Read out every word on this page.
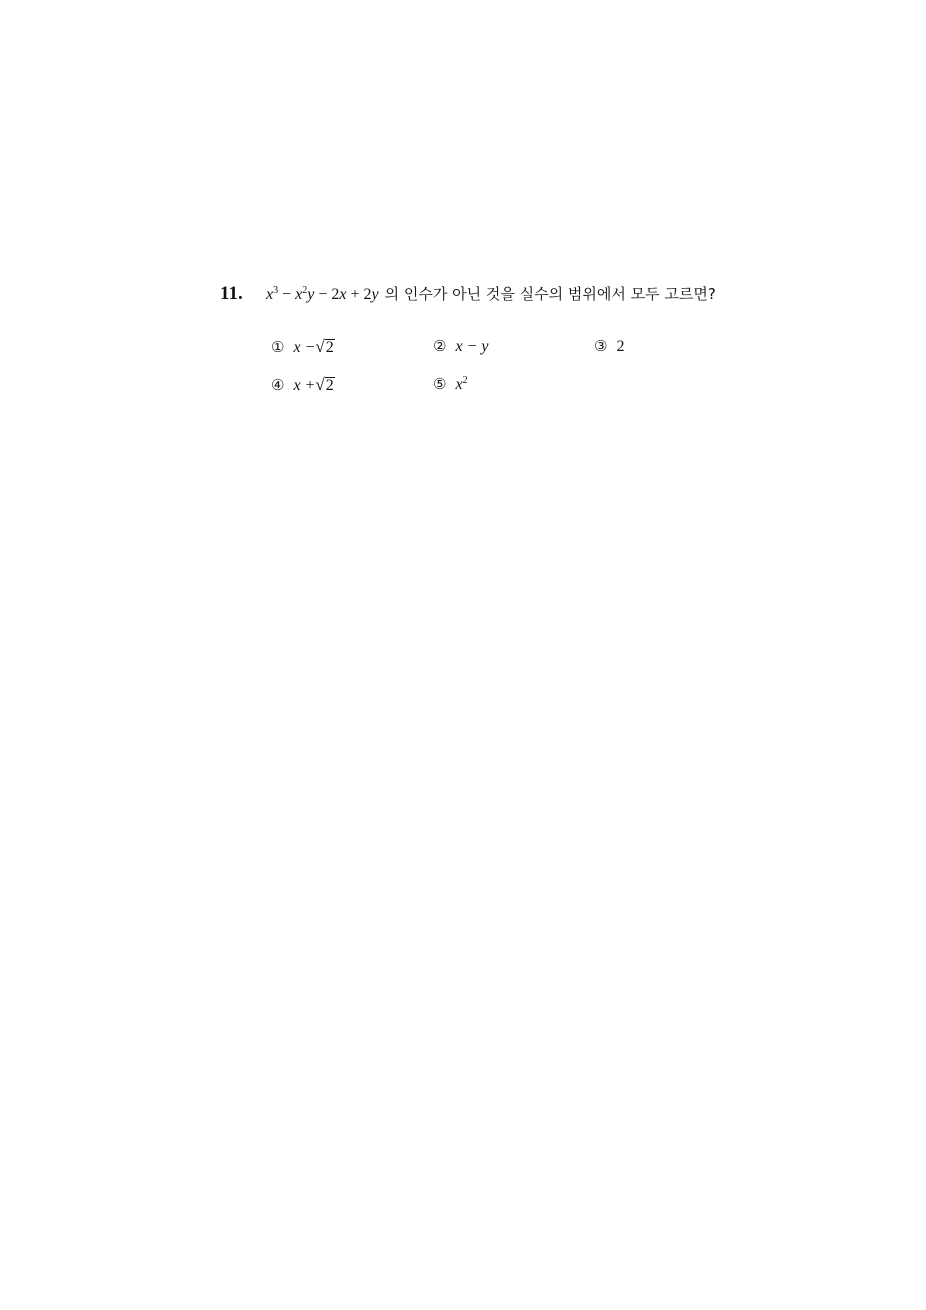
11.	$x^3 - x^2y - 2x + 2y$ 의 인수가 아닌 것을 실수의 범위에서 모두 고르면?
① x − √ 2	② x − y	③ 2
④ x + √ 2	⑤ $x^2$
